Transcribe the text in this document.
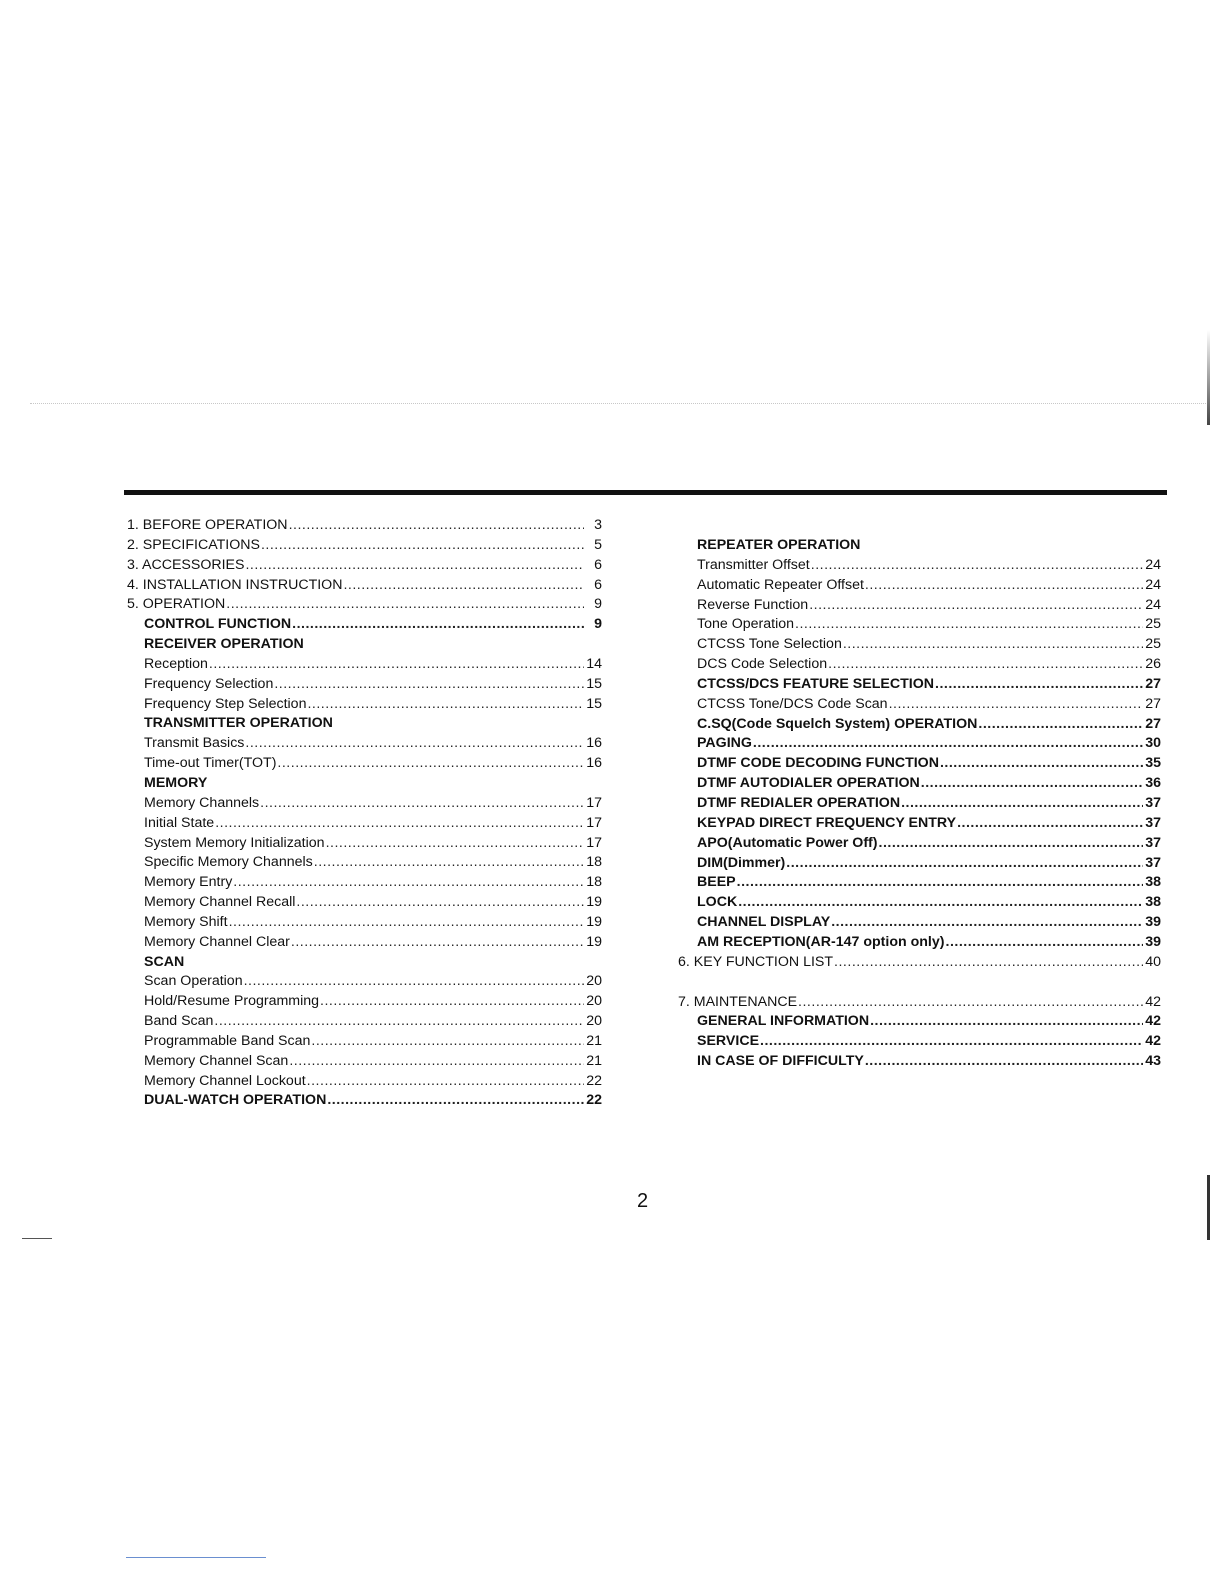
1. BEFORE OPERATION .....	3
2. SPECIFICATIONS .....	5
3. ACCESSORIES .....	6
4. INSTALLATION INSTRUCTION .....	6
5. OPERATION .....	9
CONTROL FUNCTION .....	9
RECEIVER OPERATION
Reception .....	14
Frequency Selection .....	15
Frequency Step Selection .....	15
TRANSMITTER OPERATION
Transmit Basics .....	16
Time-out Timer(TOT) .....	16
MEMORY
Memory Channels .....	17
Initial State .....	17
System Memory Initialization .....	17
Specific Memory Channels .....	18
Memory Entry .....	18
Memory Channel Recall .....	19
Memory Shift .....	19
Memory Channel Clear .....	19
SCAN
Scan Operation .....	20
Hold/Resume Programming .....	20
Band Scan .....	20
Programmable Band Scan .....	21
Memory Channel Scan .....	21
Memory Channel Lockout .....	22
DUAL-WATCH OPERATION .....	22
REPEATER OPERATION
Transmitter Offset .....	24
Automatic Repeater Offset .....	24
Reverse Function .....	24
Tone Operation .....	25
CTCSS Tone Selection .....	25
DCS Code Selection .....	26
CTCSS/DCS FEATURE SELECTION .....	27
CTCSS Tone/DCS Code Scan .....	27
C.SQ(Code Squelch System) OPERATION .....	27
PAGING .....	30
DTMF CODE DECODING FUNCTION .....	35
DTMF AUTODIALER OPERATION .....	36
DTMF REDIALER OPERATION .....	37
KEYPAD DIRECT FREQUENCY ENTRY .....	37
APO(Automatic Power Off) .....	37
DIM(Dimmer) .....	37
BEEP .....	38
LOCK .....	38
CHANNEL DISPLAY .....	39
AM RECEPTION(AR-147 option only) .....	39
6. KEY FUNCTION LIST .....	40
7. MAINTENANCE .....	42
GENERAL INFORMATION .....	42
SERVICE .....	42
IN CASE OF DIFFICULTY .....	43
2
